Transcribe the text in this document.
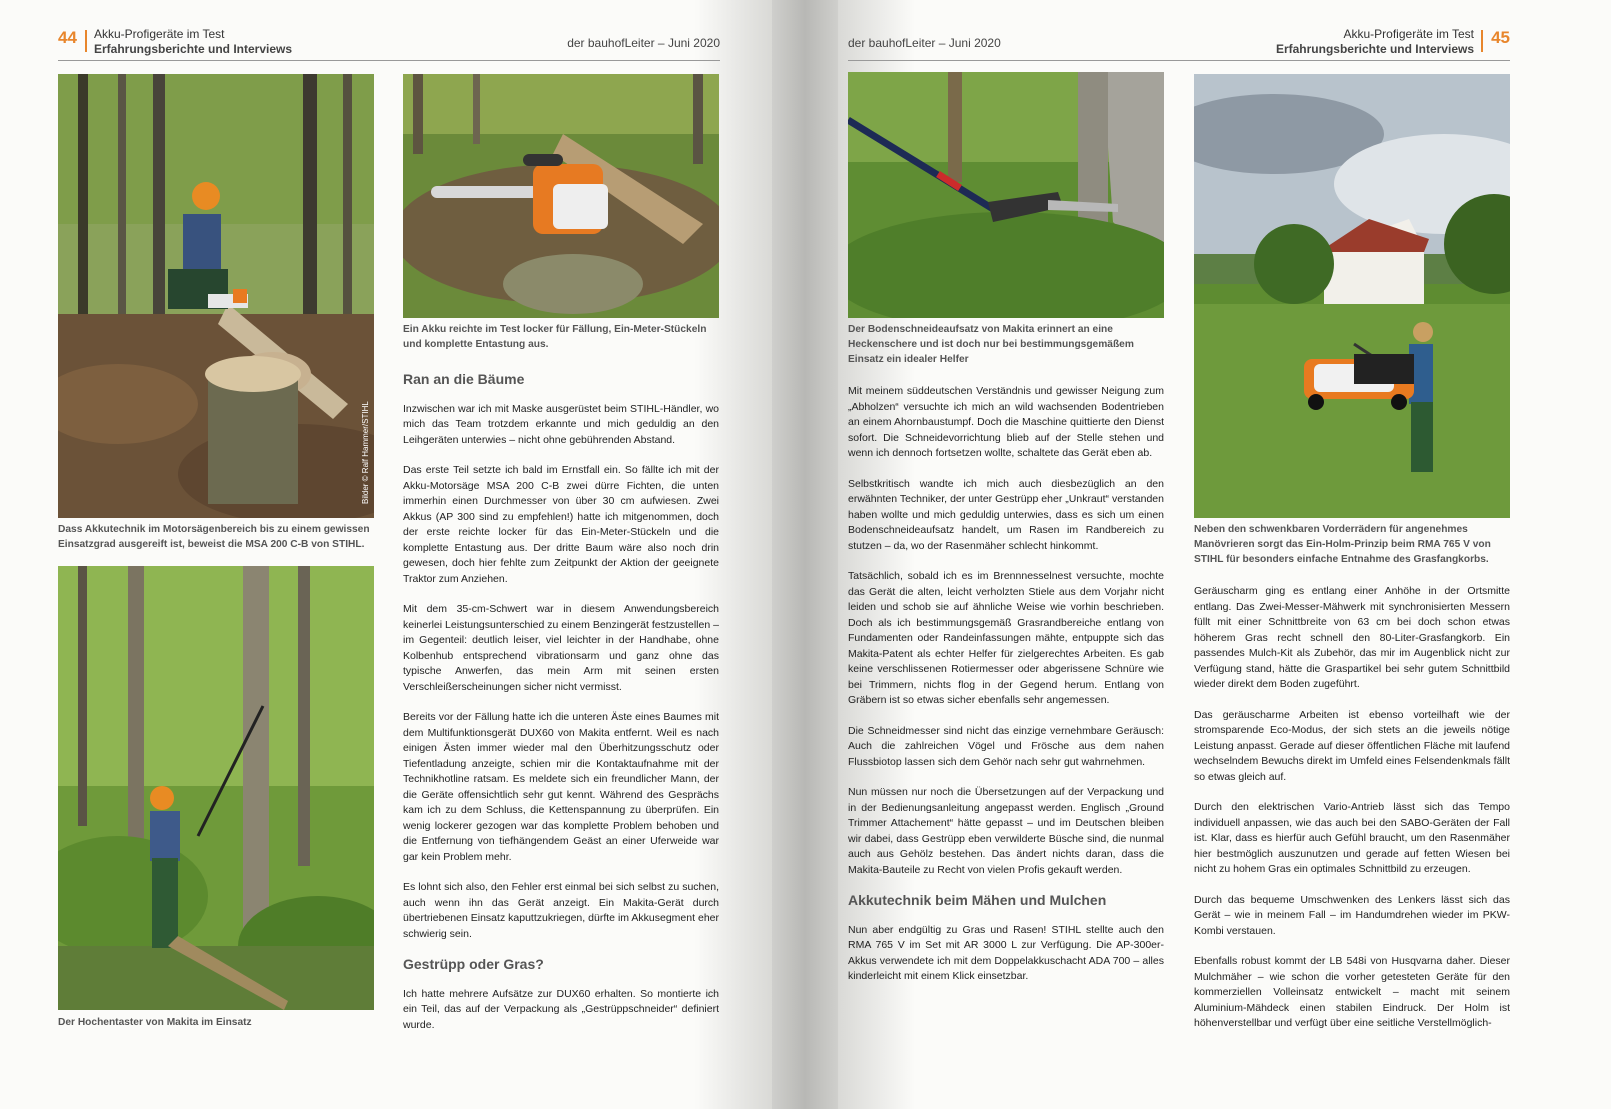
44 Akku-Profigeräte im Test
Erfahrungsberichte und Interviews	der bauhofLeiter – Juni 2020
Bilder © Ralf Hammer/STIHL
Dass Akkutechnik im Motorsägenbereich bis zu einem gewissen Einsatzgrad ausgereift ist, beweist die MSA 200 C-B von STIHL.
Der Hochentaster von Makita im Einsatz
Ein Akku reichte im Test locker für Fällung, Ein-Meter-Stückeln und komplette Entastung aus.
Ran an die Bäume

Inzwischen war ich mit Maske ausgerüstet beim STIHL-Händler, wo mich das Team trotzdem erkannte und mich geduldig an den Leihgeräten unterwies – nicht ohne gebührenden Abstand.

Das erste Teil setzte ich bald im Ernstfall ein. So fällte ich mit der Akku-Motorsäge MSA 200 C-B zwei dürre Fichten, die unten immerhin einen Durchmesser von über 30 cm aufwiesen. Zwei Akkus (AP 300 sind zu empfehlen!) hatte ich mitgenommen, doch der erste reichte locker für das Ein-Meter-Stückeln und die komplette Entastung aus. Der dritte Baum wäre also noch drin gewesen, doch hier fehlte zum Zeitpunkt der Aktion der geeignete Traktor zum Anziehen.

Mit dem 35-cm-Schwert war in diesem Anwendungsbereich keinerlei Leistungsunterschied zu einem Benzingerät festzustellen – im Gegenteil: deutlich leiser, viel leichter in der Handhabe, ohne Kolbenhub entsprechend vibrationsarm und ganz ohne das typische Anwerfen, das mein Arm mit seinen ersten Verschleißerscheinungen sicher nicht vermisst.

Bereits vor der Fällung hatte ich die unteren Äste eines Baumes mit dem Multifunktionsgerät DUX60 von Makita entfernt. Weil es nach einigen Ästen immer wieder mal den Überhitzungsschutz oder Tiefentladung anzeigte, schien mir die Kontaktaufnahme mit der Technikhotline ratsam. Es meldete sich ein freundlicher Mann, der die Geräte offensichtlich sehr gut kennt. Während des Gesprächs kam ich zu dem Schluss, die Kettenspannung zu überprüfen. Ein wenig lockerer gezogen war das komplette Problem behoben und die Entfernung von tiefhängendem Geäst an einer Uferweide war gar kein Problem mehr.

Es lohnt sich also, den Fehler erst einmal bei sich selbst zu suchen, auch wenn ihn das Gerät anzeigt. Ein Makita-Gerät durch übertriebenen Einsatz kaputtzukriegen, dürfte im Akkusegment eher schwierig sein.

Gestrüpp oder Gras?

Ich hatte mehrere Aufsätze zur DUX60 erhalten. So montierte ich ein Teil, das auf der Verpackung als „Gestrüppschneider“ definiert wurde.

der bauhofLeiter – Juni 2020
Akku-Profigeräte im Test
Erfahrungsberichte und Interviews
45
Der Bodenschneideaufsatz von Makita erinnert an eine Heckenschere und ist doch nur bei bestimmungsgemäßem Einsatz ein idealer Helfer

Mit meinem süddeutschen Verständnis und gewisser Neigung zum „Abholzen“ versuchte ich mich an wild wachsenden Bodentrieben an einem Ahornbaustumpf. Doch die Maschine quittierte den Dienst sofort. Die Schneidevorrichtung blieb auf der Stelle stehen und wenn ich dennoch fortsetzen wollte, schaltete das Gerät eben ab.

Selbstkritisch wandte ich mich auch diesbezüglich an den erwähnten Techniker, der unter Gestrüpp eher „Unkraut“ verstanden haben wollte und mich geduldig unterwies, dass es sich um einen Bodenschneideaufsatz handelt, um Rasen im Randbereich zu stutzen – da, wo der Rasenmäher schlecht hinkommt.

Tatsächlich, sobald ich es im Brennnesselnest versuchte, mochte das Gerät die alten, leicht verholzten Stiele aus dem Vorjahr nicht leiden und schob sie auf ähnliche Weise wie vorhin beschrieben. Doch als ich bestimmungsgemäß Grasrandbereiche entlang von Fundamenten oder Randeinfassungen mähte, entpuppte sich das Makita-Patent als echter Helfer für zielgerechtes Arbeiten. Es gab keine verschlissenen Rotiermesser oder abgerissene Schnüre wie bei Trimmern, nichts flog in der Gegend herum. Entlang von Gräbern ist so etwas sicher ebenfalls sehr angemessen.

Die Schneidmesser sind nicht das einzige vernehmbare Geräusch: Auch die zahlreichen Vögel und Frösche aus dem nahen Flussbiotop lassen sich dem Gehör nach sehr gut wahrnehmen.

Nun müssen nur noch die Übersetzungen auf der Verpackung und in der Bedienungsanleitung angepasst werden. Englisch „Ground Trimmer Attachement“ hätte gepasst – und im Deutschen bleiben wir dabei, dass Gestrüpp eben verwilderte Büsche sind, die nunmal auch aus Gehölz bestehen. Das ändert nichts daran, dass die Makita-Bauteile zu Recht von vielen Profis gekauft werden.

Akkutechnik beim Mähen und Mulchen

Nun aber endgültig zu Gras und Rasen! STIHL stellte auch den RMA 765 V im Set mit AR 3000 L zur Verfügung. Die AP-300er-Akkus verwendete ich mit dem Doppelakkuschacht ADA 700 – alles kinderleicht mit einem Klick einsetzbar.

Neben den schwenkbaren Vorderrädern für angenehmes Manövrieren sorgt das Ein-Holm-Prinzip beim RMA 765 V von STIHL für besonders einfache Entnahme des Grasfangkorbs.

Geräuscharm ging es entlang einer Anhöhe in der Ortsmitte entlang. Das Zwei-Messer-Mähwerk mit synchronisierten Messern füllt mit einer Schnittbreite von 63 cm bei doch schon etwas höherem Gras recht schnell den 80-Liter-Grasfangkorb. Ein passendes Mulch-Kit als Zubehör, das mir im Augenblick nicht zur Verfügung stand, hätte die Graspartikel bei sehr gutem Schnittbild wieder direkt dem Boden zugeführt.

Das geräuscharme Arbeiten ist ebenso vorteilhaft wie der stromsparende Eco-Modus, der sich stets an die jeweils nötige Leistung anpasst. Gerade auf dieser öffentlichen Fläche mit laufend wechselndem Bewuchs direkt im Umfeld eines Felsendenkmals fällt so etwas gleich auf.

Durch den elektrischen Vario-Antrieb lässt sich das Tempo individuell anpassen, wie das auch bei den SABO-Geräten der Fall ist. Klar, dass es hierfür auch Gefühl braucht, um den Rasenmäher hier bestmöglich auszunutzen und gerade auf fetten Wiesen bei nicht zu hohem Gras ein optimales Schnittbild zu erzeugen.

Durch das bequeme Umschwenken des Lenkers lässt sich das Gerät – wie in meinem Fall – im Handumdrehen wieder im PKW-Kombi verstauen.

Ebenfalls robust kommt der LB 548i von Husqvarna daher. Dieser Mulchmäher – wie schon die vorher getesteten Geräte für den kommerziellen Volleinsatz entwickelt – macht mit seinem Aluminium-Mähdeck einen stabilen Eindruck. Der Holm ist höhenverstellbar und verfügt über eine seitliche Verstellmöglich-
